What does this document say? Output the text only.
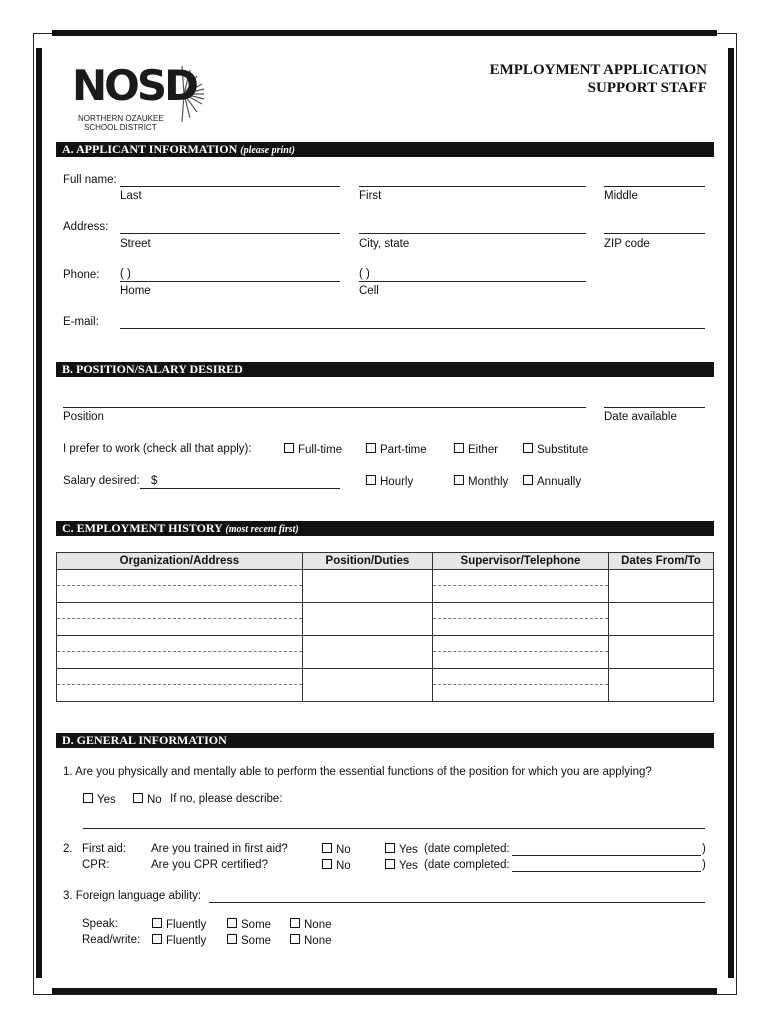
NOSD
NORTHERN OZAUKEE
SCHOOL DISTRICT
EMPLOYMENT APPLICATION
SUPPORT STAFF
A. APPLICANT INFORMATION (please print)
Full name:
Last	First	Middle
Address:
Street	City, state	ZIP code
Phone: ( )	( )
Home	Cell
E-mail:
B. POSITION/SALARY DESIRED
Position	Date available
I prefer to work (check all that apply):	Full-time	Part-time	Either	Substitute
Salary desired: $	Hourly	Monthly	Annually
C. EMPLOYMENT HISTORY (most recent first)
Organization/Address	Position/Duties	Supervisor/Telephone	Dates From/To

D. GENERAL INFORMATION
1. Are you physically and mentally able to perform the essential functions of the position for which you are applying?
Yes	No If no, please describe:
2. First aid: Are you trained in first aid?	No	Yes (date completed:	)
CPR:	Are you CPR certified?	No	Yes (date completed:	)
3. Foreign language ability:
Speak:	Fluently	Some	None
Read/write:	Fluently	Some	None
